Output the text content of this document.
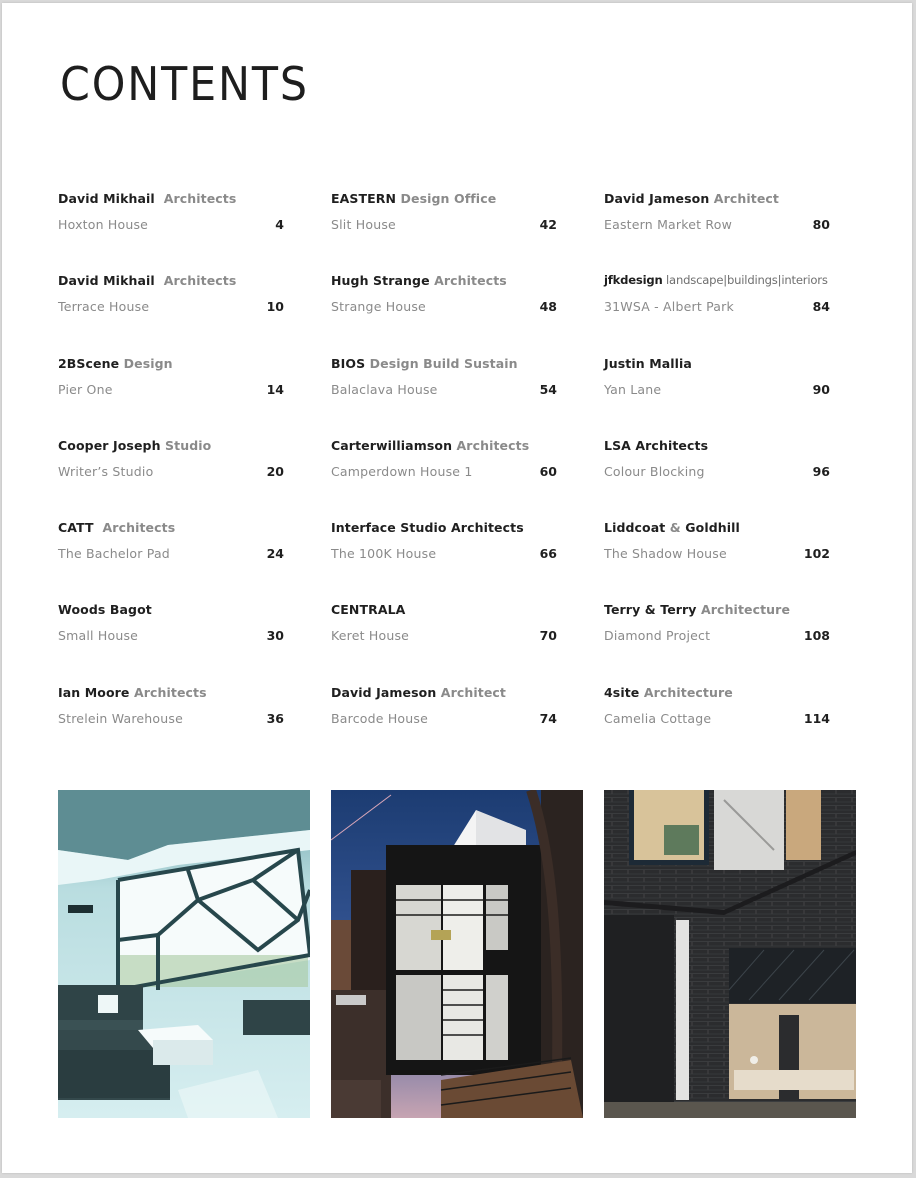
CONTENTS
David Mikhail  Architects
Hoxton House	4
David Mikhail  Architects
Terrace House	10
2BScene Design
Pier One	14
Cooper Joseph Studio
Writer’s Studio	20
CATT  Architects
The Bachelor Pad	24
Woods Bagot
Small House	30
Ian Moore Architects
Strelein Warehouse	36
EASTERN Design Office
Slit House	42
Hugh Strange Architects
Strange House	48
BIOS Design Build Sustain
Balaclava House	54
Carterwilliamson Architects
Camperdown House 1	60
Interface Studio Architects
The 100K House	66
CENTRALA
Keret House	70
David Jameson Architect
Barcode House	74
David Jameson Architect
Eastern Market Row	80
jfkdesign landscape|buildings|interiors
31WSA - Albert Park	84
Justin Mallia
Yan Lane	90
LSA Architects
Colour Blocking	96
Liddcoat & Goldhill
The Shadow House	102
Terry & Terry Architecture
Diamond Project	108
4site Architecture
Camelia Cottage	114
